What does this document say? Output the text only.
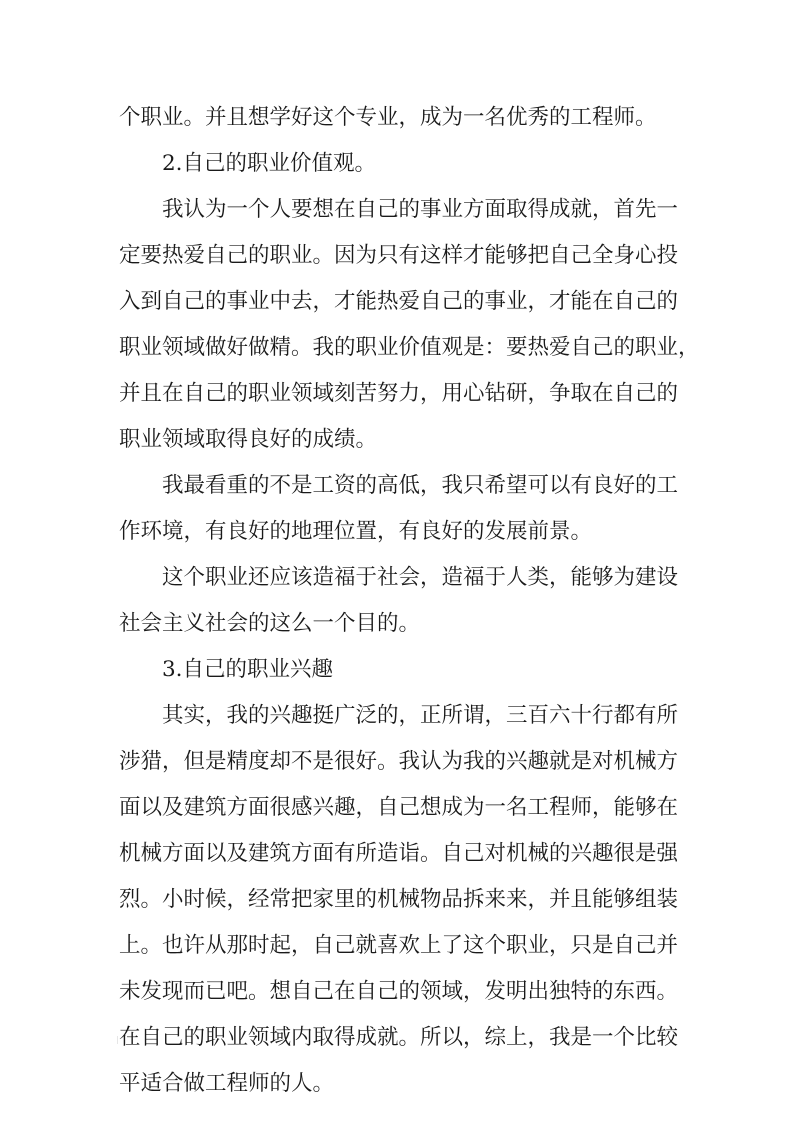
个职业。并且想学好这个专业，成为一名优秀的工程师。
2.自己的职业价值观。
我认为一个人要想在自己的事业方面取得成就，首先一
定要热爱自己的职业。因为只有这样才能够把自己全身心投
入到自己的事业中去，才能热爱自己的事业，才能在自己的
职业领域做好做精。我的职业价值观是：要热爱自己的职业，
并且在自己的职业领域刻苦努力，用心钻研，争取在自己的
职业领域取得良好的成绩。
我最看重的不是工资的高低，我只希望可以有良好的工
作环境，有良好的地理位置，有良好的发展前景。
这个职业还应该造福于社会，造福于人类，能够为建设
社会主义社会的这么一个目的。
3.自己的职业兴趣
其实，我的兴趣挺广泛的，正所谓，三百六十行都有所
涉猎，但是精度却不是很好。我认为我的兴趣就是对机械方
面以及建筑方面很感兴趣，自己想成为一名工程师，能够在
机械方面以及建筑方面有所造诣。自己对机械的兴趣很是强
烈。小时候，经常把家里的机械物品拆来来，并且能够组装
上。也许从那时起，自己就喜欢上了这个职业，只是自己并
未发现而已吧。想自己在自己的领域，发明出独特的东西。
在自己的职业领域内取得成就。所以，综上，我是一个比较
平适合做工程师的人。
